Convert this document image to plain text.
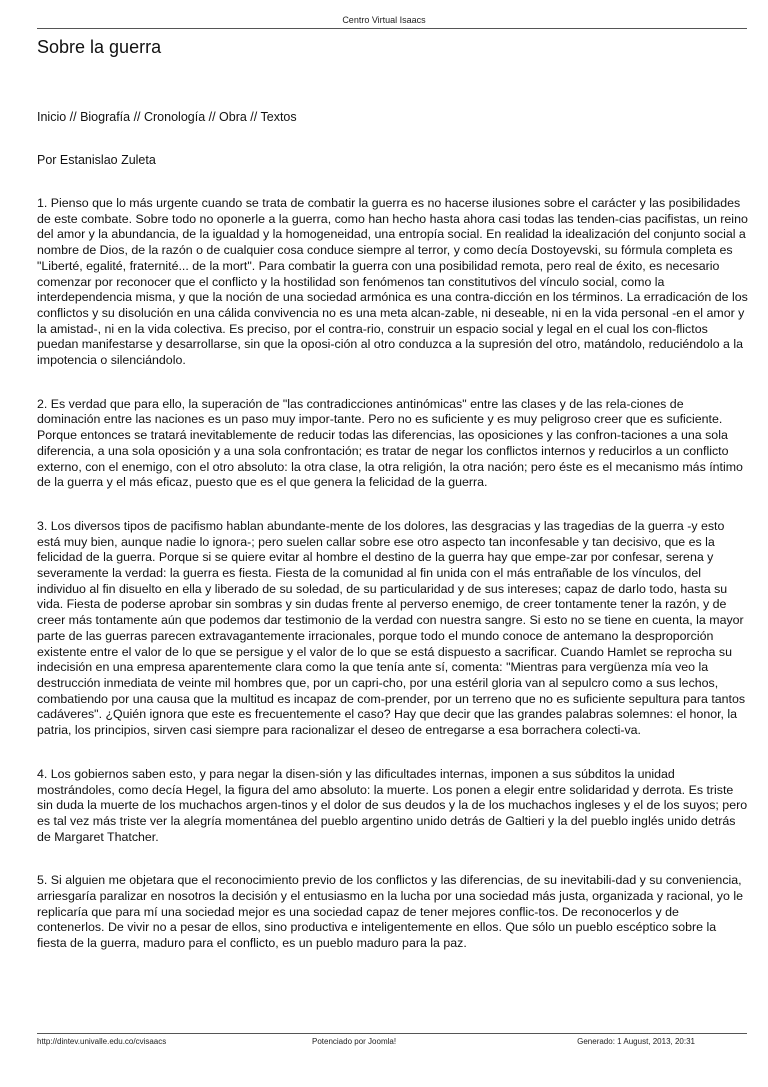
Centro Virtual Isaacs
Sobre la guerra
Inicio // Biografía // Cronología // Obra // Textos
Por Estanislao Zuleta

1. Pienso que lo más urgente cuando se trata de combatir la guerra es no hacerse ilusiones sobre el carácter y las posibilidades de este combate. Sobre todo no oponerle a la guerra, como han hecho hasta ahora casi todas las tenden-cias pacifistas, un reino del amor y la abundancia, de la igualdad y la homogeneidad, una entropía social. En realidad la idealización del conjunto social a nombre de Dios, de la razón o de cualquier cosa conduce siempre al terror, y como decía Dostoyevski, su fórmula completa es "Liberté, egalité, fraternité... de la mort". Para combatir la guerra con una posibilidad remota, pero real de éxito, es necesario comenzar por reconocer que el conflicto y la hostilidad son fenómenos tan constitutivos del vínculo social, como la interdependencia misma, y que la noción de una sociedad armónica es una contra-dicción en los términos. La erradicación de los conflictos y su disolución en una cálida convivencia no es una meta alcan-zable, ni deseable, ni en la vida personal -en el amor y la amistad-, ni en la vida colectiva. Es preciso, por el contra-rio, construir un espacio social y legal en el cual los con-flictos puedan manifestarse y desarrollarse, sin que la oposi-ción al otro conduzca a la supresión del otro, matándolo, reduciéndolo a la impotencia o silenciándolo.

2. Es verdad que para ello, la superación de "las contradicciones antinómicas" entre las clases y de las rela-ciones de dominación entre las naciones es un paso muy impor-tante. Pero no es suficiente y es muy peligroso creer que es suficiente. Porque entonces se tratará inevitablemente de reducir todas las diferencias, las oposiciones y las confron-taciones a una sola diferencia, a una sola oposición y a una sola confrontación; es tratar de negar los conflictos internos y reducirlos a un conflicto externo, con el enemigo, con el otro absoluto: la otra clase, la otra religión, la otra nación; pero éste es el mecanismo más íntimo de la guerra y el más eficaz, puesto que es el que genera la felicidad de la guerra.

3. Los diversos tipos de pacifismo hablan abundante-mente de los dolores, las desgracias y las tragedias de la guerra -y esto está muy bien, aunque nadie lo ignora-; pero suelen callar sobre ese otro aspecto tan inconfesable y tan decisivo, que es la felicidad de la guerra. Porque si se quiere evitar al hombre el destino de la guerra hay que empe-zar por confesar, serena y severamente la verdad: la guerra es fiesta. Fiesta de la comunidad al fin unida con el más entrañable de los vínculos, del individuo al fin disuelto en ella y liberado de su soledad, de su particularidad y de sus intereses; capaz de darlo todo, hasta su vida. Fiesta de poderse aprobar sin sombras y sin dudas frente al perverso enemigo, de creer tontamente tener la razón, y de creer más tontamente aún que podemos dar testimonio de la verdad con nuestra sangre. Si esto no se tiene en cuenta, la mayor parte de las guerras parecen extravagantemente irracionales, porque todo el mundo conoce de antemano la desproporción existente entre el valor de lo que se persigue y el valor de lo que se está dispuesto a sacrificar. Cuando Hamlet se reprocha su indecisión en una empresa aparentemente clara como la que tenía ante sí, comenta: "Mientras para vergüenza mía veo la destrucción inmediata de veinte mil hombres que, por un capri-cho, por una estéril gloria van al sepulcro como a sus lechos, combatiendo por una causa que la multitud es incapaz de com-prender, por un terreno que no es suficiente sepultura para tantos cadáveres". ¿Quién ignora que este es frecuentemente el caso? Hay que decir que las grandes palabras solemnes: el honor, la patria, los principios, sirven casi siempre para racionalizar el deseo de entregarse a esa borrachera colecti-va.

4. Los gobiernos saben esto, y para negar la disen-sión y las dificultades internas, imponen a sus súbditos la unidad mostrándoles, como decía Hegel, la figura del amo absoluto: la muerte. Los ponen a elegir entre solidaridad y derrota. Es triste sin duda la muerte de los muchachos argen-tinos y el dolor de sus deudos y la de los muchachos ingleses y el de los suyos; pero es tal vez más triste ver la alegría momentánea del pueblo argentino unido detrás de Galtieri y la del pueblo inglés unido detrás de Margaret Thatcher.

5. Si alguien me objetara que el reconocimiento previo de los conflictos y las diferencias, de su inevitabili-dad y su conveniencia, arriesgaría paralizar en nosotros la decisión y el entusiasmo en la lucha por una sociedad más justa, organizada y racional, yo le replicaría que para mí una sociedad mejor es una sociedad capaz de tener mejores conflic-tos. De reconocerlos y de contenerlos. De vivir no a pesar de ellos, sino productiva e inteligentemente en ellos. Que sólo un pueblo escéptico sobre la fiesta de la guerra, maduro para el conflicto, es un pueblo maduro para la paz.

http://dintev.univalle.edu.co/cvisaacs	Potenciado por Joomla!	Generado: 1 August, 2013, 20:31
